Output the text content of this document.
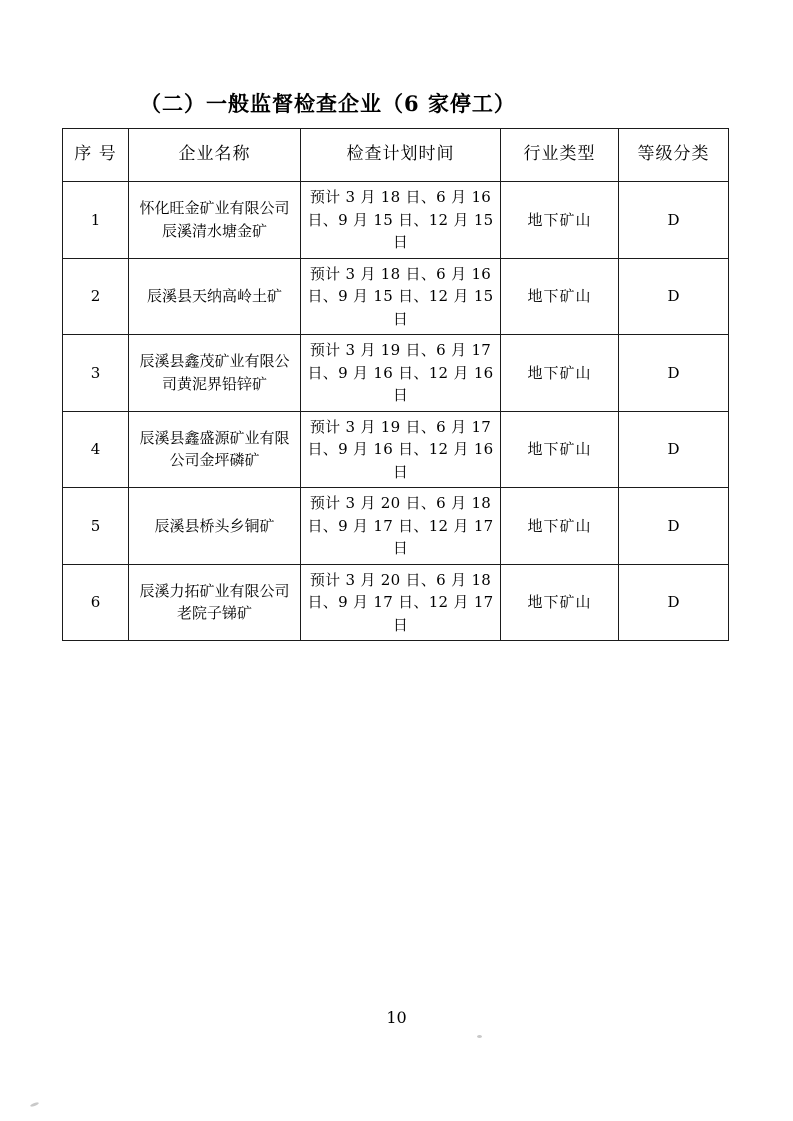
（二）一般监督检查企业（6 家停工）
序 号	企业名称	检查计划时间	行业类型	等级分类
1	怀化旺金矿业有限公司辰溪清水塘金矿	预计 3 月 18 日、6 月 16 日、9 月 15 日、12 月 15 日	地下矿山	D
2	辰溪县天纳高岭土矿	预计 3 月 18 日、6 月 16 日、9 月 15 日、12 月 15 日	地下矿山	D
3	辰溪县鑫茂矿业有限公司黄泥界铅锌矿	预计 3 月 19 日、6 月 17 日、9 月 16 日、12 月 16 日	地下矿山	D
4	辰溪县鑫盛源矿业有限公司金坪磷矿	预计 3 月 19 日、6 月 17 日、9 月 16 日、12 月 16 日	地下矿山	D
5	辰溪县桥头乡铜矿	预计 3 月 20 日、6 月 18 日、9 月 17 日、12 月 17 日	地下矿山	D
6	辰溪力拓矿业有限公司老院子锑矿	预计 3 月 20 日、6 月 18 日、9 月 17 日、12 月 17 日	地下矿山	D
10
